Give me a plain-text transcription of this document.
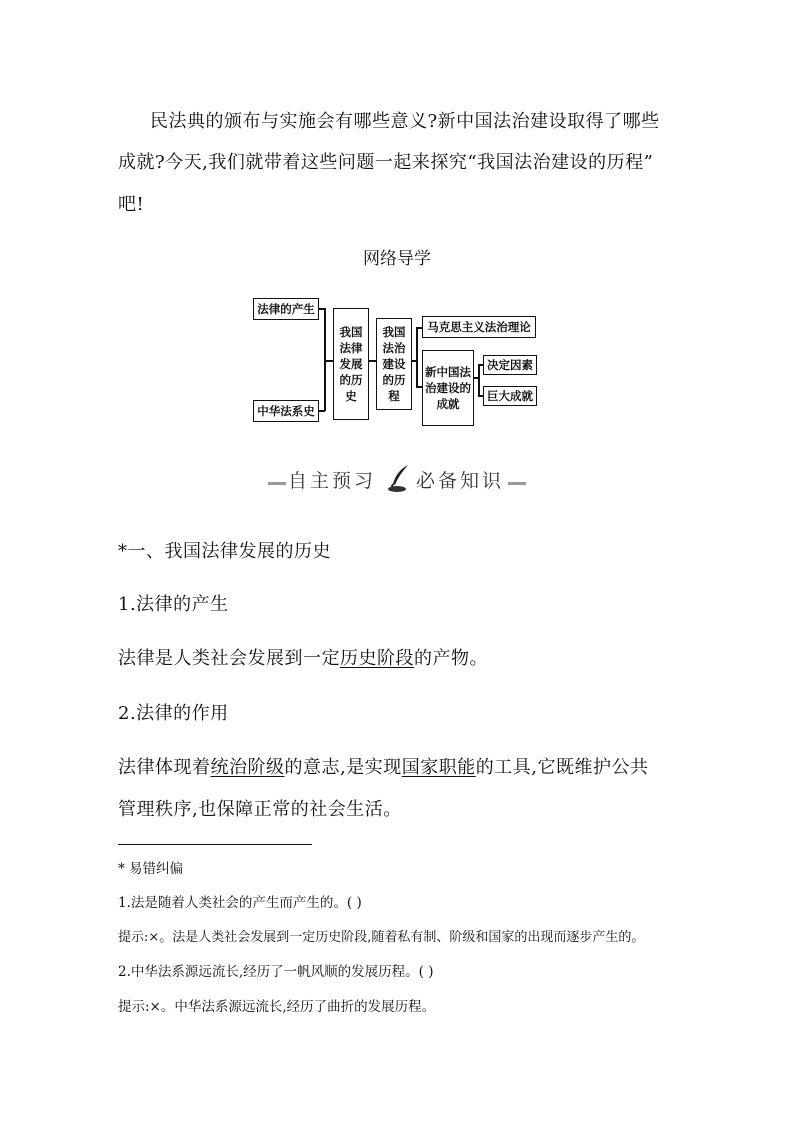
民法典的颁布与实施会有哪些意义?新中国法治建设取得了哪些
成就?今天,我们就带着这些问题一起来探究“我国法治建设的历程”
吧!
网络导学
法律的产生
中华法系史
我国法律发展的历史
我国法治建设的历程
马克思主义法治理论
新中国法治建设的成就
决定因素
巨大成就
自主预习 必备知识
*一、我国法律发展的历史
1.法律的产生
法律是人类社会发展到一定历史阶段的产物。
2.法律的作用
法律体现着统治阶级的意志,是实现国家职能的工具,它既维护公共
管理秩序,也保障正常的社会生活。
* 易错纠偏
1.法是随着人类社会的产生而产生的。( )
提示:×。法是人类社会发展到一定历史阶段,随着私有制、阶级和国家的出现而逐步产生的。
2.中华法系源远流长,经历了一帆风顺的发展历程。( )
提示:×。中华法系源远流长,经历了曲折的发展历程。
